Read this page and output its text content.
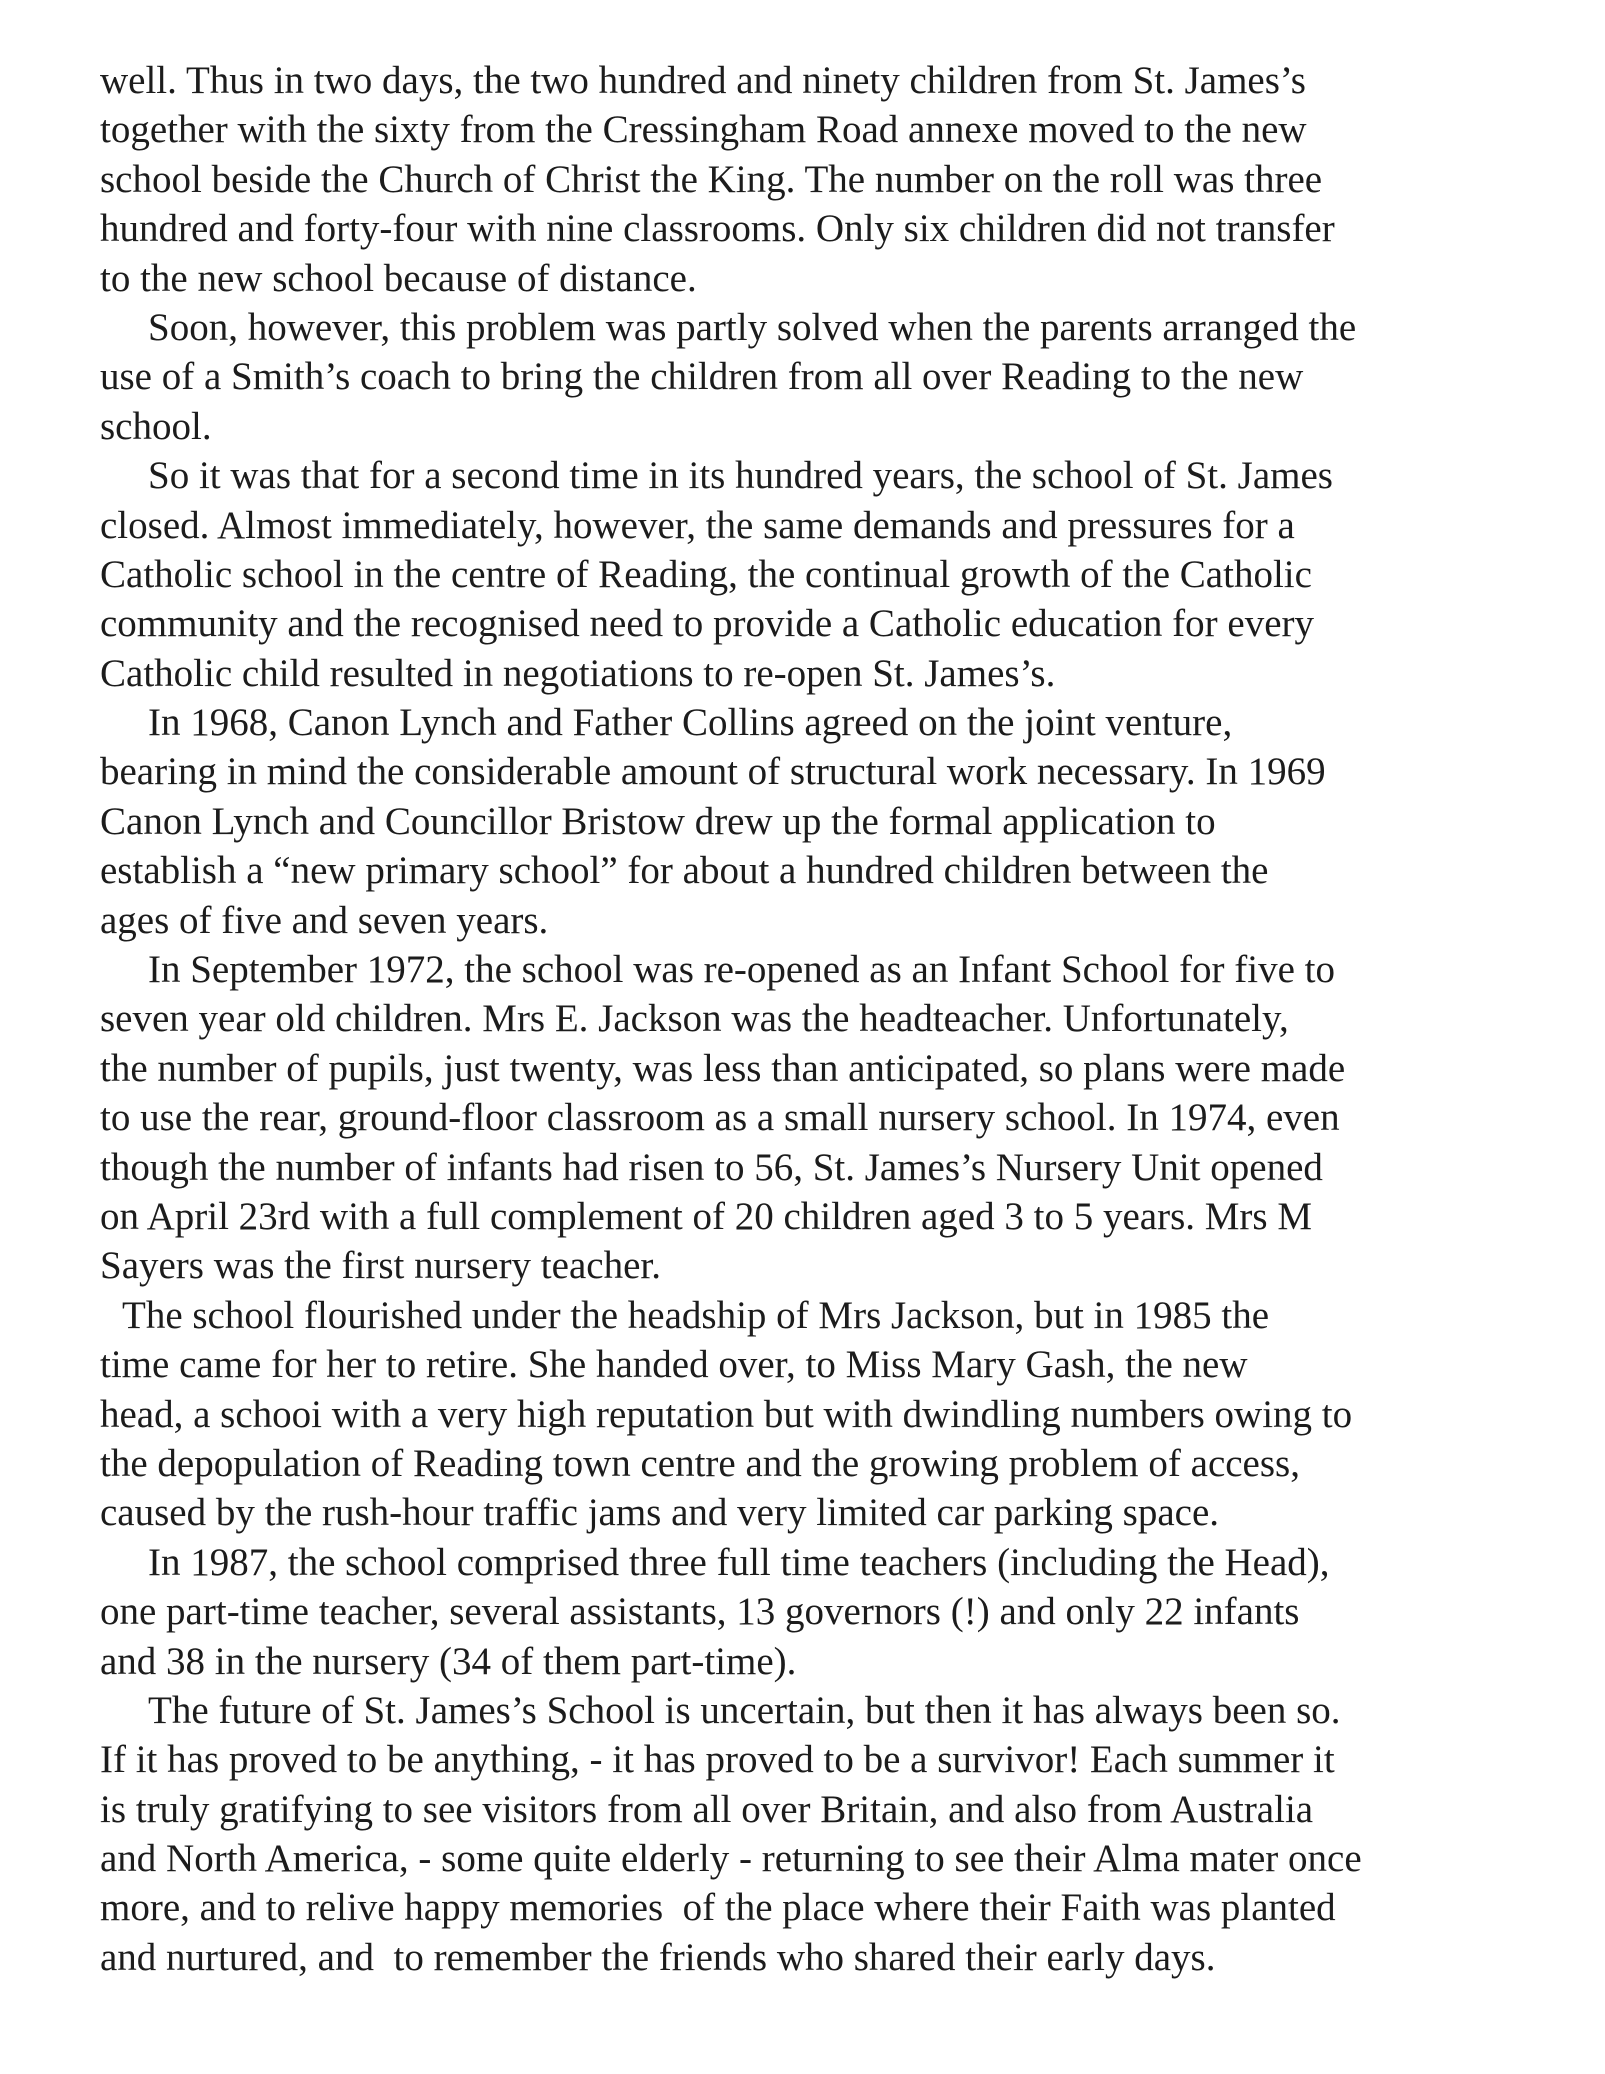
well. Thus in two days, the two hundred and ninety children from St. James’s
together with the sixty from the Cressingham Road annexe moved to the new
school beside the Church of Christ the King. The number on the roll was three
hundred and forty-four with nine classrooms. Only six children did not transfer
to the new school because of distance.
Soon, however, this problem was partly solved when the parents arranged the
use of a Smith’s coach to bring the children from all over Reading to the new
school.
So it was that for a second time in its hundred years, the school of St. James
closed. Almost immediately, however, the same demands and pressures for a
Catholic school in the centre of Reading, the continual growth of the Catholic
community and the recognised need to provide a Catholic education for every
Catholic child resulted in negotiations to re-open St. James’s.
In 1968, Canon Lynch and Father Collins agreed on the joint venture,
bearing in mind the considerable amount of structural work necessary. In 1969
Canon Lynch and Councillor Bristow drew up the formal application to
establish a “new primary school” for about a hundred children between the
ages of five and seven years.
In September 1972, the school was re-opened as an Infant School for five to
seven year old children. Mrs E. Jackson was the headteacher. Unfortunately,
the number of pupils, just twenty, was less than anticipated, so plans were made
to use the rear, ground-floor classroom as a small nursery school. In 1974, even
though the number of infants had risen to 56, St. James’s Nursery Unit opened
on April 23rd with a full complement of 20 children aged 3 to 5 years. Mrs M
Sayers was the first nursery teacher.
The school flourished under the headship of Mrs Jackson, but in 1985 the
time came for her to retire. She handed over, to Miss Mary Gash, the new
head, a schooi with a very high reputation but with dwindling numbers owing to
the depopulation of Reading town centre and the growing problem of access,
caused by the rush-hour traffic jams and very limited car parking space.
In 1987, the school comprised three full time teachers (including the Head),
one part-time teacher, several assistants, 13 governors (!) and only 22 infants
and 38 in the nursery (34 of them part-time).
The future of St. James’s School is uncertain, but then it has always been so.
If it has proved to be anything, - it has proved to be a survivor! Each summer it
is truly gratifying to see visitors from all over Britain, and also from Australia
and North America, - some quite elderly - returning to see their Alma mater once
more, and to relive happy memories  of the place where their Faith was planted
and nurtured, and  to remember the friends who shared their early days.
